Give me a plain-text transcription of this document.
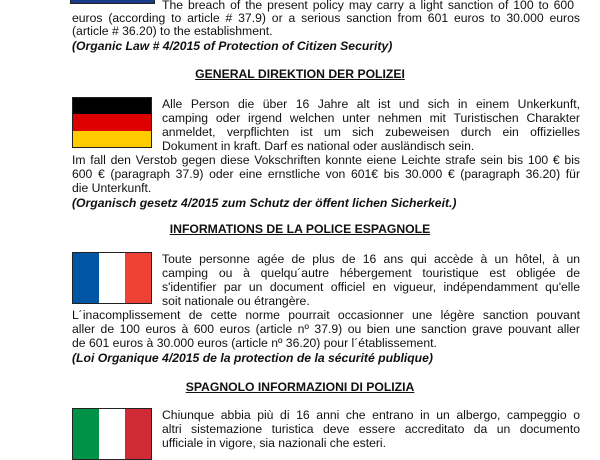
The breach of the present policy may carry a light sanction of 100 to 600
euros (according to article # 37.9) or a serious sanction from 601 euros to 30.000 euros
(article # 36.20) to the establishment.
(Organic Law # 4/2015 of Protection of Citizen Security)
GENERAL DIREKTION DER POLIZEI
Alle Person die über 16 Jahre alt ist und sich in einem Unkerkunft,
camping oder irgend welchen unter nehmen mit Turistischen Charakter
anmeldet, verpflichten ist um sich zubeweisen durch ein offizielles
Dokument in kraft. Darf es national oder ausländisch sein.
Im fall den Verstob gegen diese Vokschriften konnte eiene Leichte strafe sein bis 100 € bis
600 € (paragraph 37.9) oder eine ernstliche von 601€ bis 30.000 € (paragraph 36.20) für
die Unterkunft.
(Organisch gesetz 4/2015 zum Schutz der öffent lichen Sicherkeit.)
INFORMATIONS DE LA POLICE ESPAGNOLE
Toute personne agée de plus de 16 ans qui accède à un hôtel, à un
camping ou à quelqu´autre hébergement touristique est obligée de
s'identifier par un document officiel en vigueur, indépendamment qu'elle
soit nationale ou étrangère.
L´inacomplissement de cette norme pourrait occasionner une légère sanction pouvant
aller de 100 euros à 600 euros (article nº 37.9) ou bien une sanction grave pouvant aller
de 601 euros à 30.000 euros (article nº 36.20) pour l´établissement.
(Loi Organique 4/2015 de la protection de la sécurité publique)
SPAGNOLO INFORMAZIONI DI POLIZIA
Chiunque abbia più di 16 anni che entrano in un albergo, campeggio o
altri sistemazione turistica deve essere accreditato da un documento
ufficiale in vigore, sia nazionali che esteri.
